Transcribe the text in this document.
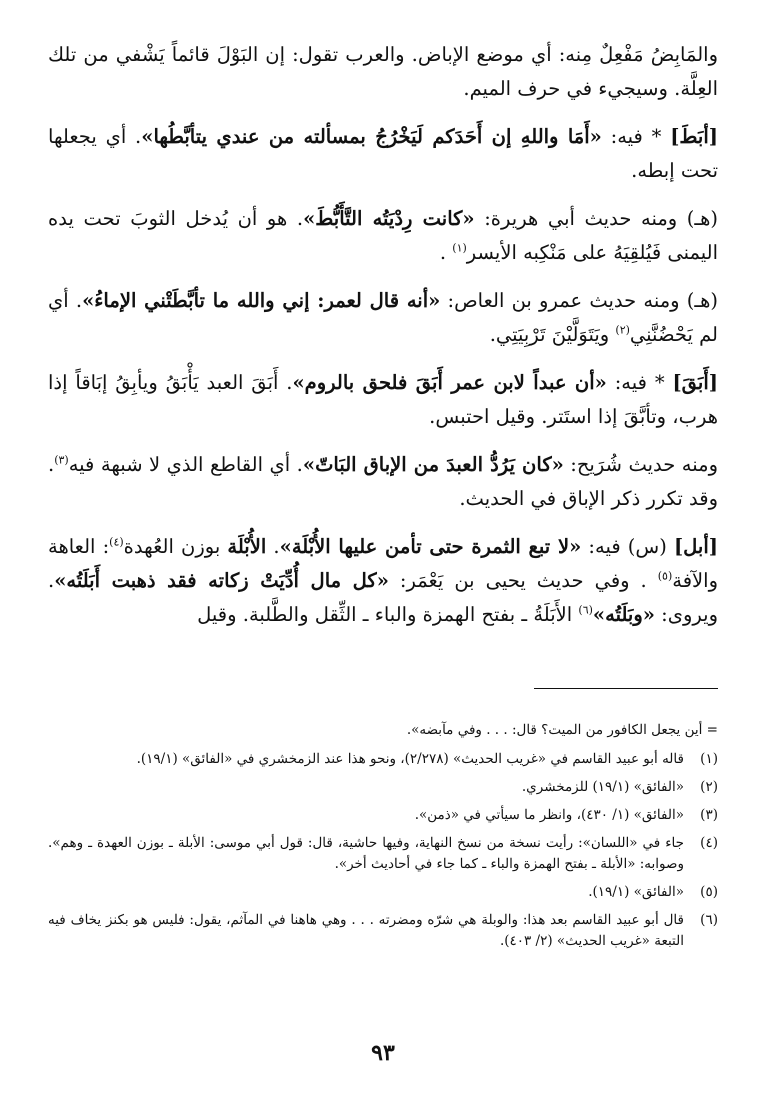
والمَابِضُ مَفْعِلٌ مِنه: أي موضع الإباض. والعرب تقول: إن البَوْلَ قائماً يَشْفي من تلك العِلَّة. وسيجيء في حرف الميم.

[أبَطَ] * فيه: «أَمَا واللهِ إن أَحَدَكم لَيَخْرُجُ بمسألته من عندي يتأبَّطُها». أي يجعلها تحت إبطه.

(هـ) ومنه حديث أبي هريرة: «كانت رِدْيَتُه التَّأَبُّطَ». هو أن يُدخل الثوبَ تحت يده اليمنى فَيُلقِيَهُ على مَنْكِبه الأيسر$^{(١)}$ .

(هـ) ومنه حديث عمرو بن العاص: «أنه قال لعمر: إني والله ما تأبَّطَتْني الإماءُ». أي لم يَحْضُنَّنِي$^{(٢)}$ ويَتَوَلَّيْنَ تَرْبِيَتِي.

[أَبَقَ] * فيه: «أن عبداً لابن عمر أَبَقَ فلحق بالروم». أَبَقَ العبد يَأْبَقُ ويأبِقُ إبَاقاً إذا هرب، وتأبَّقَ إذا استَتر. وقيل احتبس.

ومنه حديث شُرَيح: «كان يَرُدُّ العبدَ من الإباق البَاتّ». أي القاطع الذي لا شبهة فيه$^{(٣)}$. وقد تكرر ذكر الإباق في الحديث.

[أبل] (س) فيه: «لا تبع الثمرة حتى تأمن عليها الأُبْلَة». الأُبْلَة بوزن العُهدة$^{(٤)}$: العاهة والآفة$^{(٥)}$ . وفي حديث يحيى بن يَعْمَر: «كل مال أُدِّيَتْ زكاته فقد ذهبت أَبَلَتُه». ويروى: «وبَلَتُه»$^{(٦)}$ الأَبَلَةُ ـ بفتح الهمزة والباء ـ الثِّقل والطَّلبة. وقيل

= أين يجعل الكافور من الميت؟ قال: . . . وفي مآبضه».

(١)
قاله أبو عبيد القاسم في «غريب الحديث» (٢/٢٧٨)، ونحو هذا عند الزمخشري في «الفائق» (١٩/١).
(٢)
«الفائق» (١٩/١) للزمخشري.
(٣)
«الفائق» (١/ ٤٣٠)، وانظر ما سيأتي في «ذمن».
(٤)
جاء في «اللسان»: رأيت نسخة من نسخ النهاية، وفيها حاشية، قال: قول أبي موسى: الأبلة ـ بوزن العهدة ـ وهم». وصوابه: «الأبلة ـ بفتح الهمزة والباء ـ كما جاء في أحاديث أخر».
(٥)
«الفائق» (١٩/١).
(٦)
قال أبو عبيد القاسم بعد هذا: والوبلة هي شرّه ومضرته . . . وهي هاهنا في المآثم، يقول: فليس هو بكنز يخاف فيه التبعة «غريب الحديث» (٢/ ٤٠٣).
٩٣
